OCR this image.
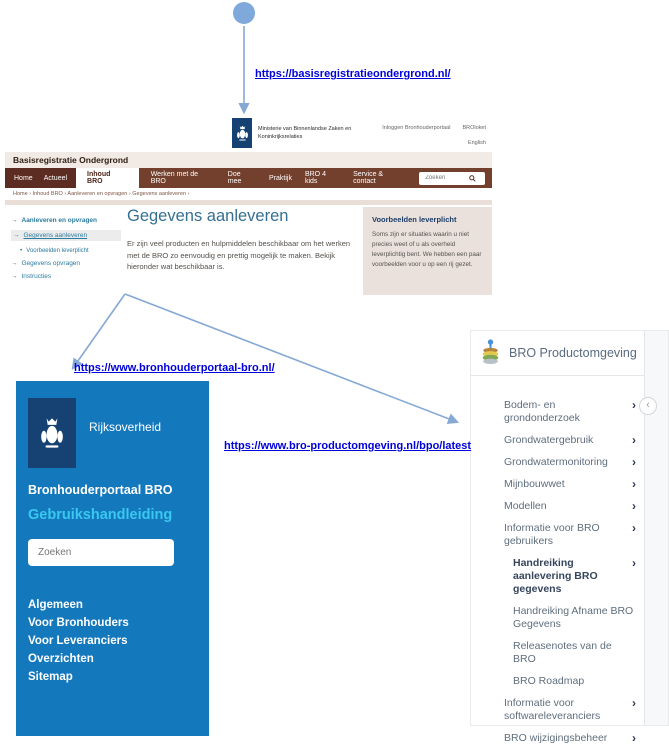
https://basisregistratieondergrond.nl/
https://www.bronhouderportaal-bro.nl/
https://www.bro-productomgeving.nl/bpo/latest
Ministerie van Binnenlandse Zaken en
Koninkrijksrelaties
Inloggen Bronhouderportaal BROloket
English
Basisregistratie Ondergrond
Home Actueel	Inhoud BRO
Werken met de BRO
Doe mee	Praktijk BRO 4 kids
Service & contact
Zoeken
Home › Inhoud BRO › Aanleveren en opvragen › Gegevens aanleveren ›
→ Aanleveren en opvragen
→ Gegevens aanleveren
• Voorbeelden leverplicht
→ Gegevens opvragen
→ Instructies
Gegevens aanleveren

Er zijn veel producten en hulpmiddelen beschikbaar om het werken met de BRO zo eenvoudig en prettig mogelijk te maken. Bekijk hieronder wat beschikbaar is.

Voorbeelden leverplicht

Soms zijn er situaties waarin u niet precies weet of u als overheid leverplichtig bent. We hebben een paar voorbeelden voor u op een rij gezet.

Rijksoverheid
Bronhouderportaal BRO
Gebruikshandleiding
Zoeken
Algemeen
Voor Bronhouders
Voor Leveranciers
Overzichten
Sitemap
‹
BRO Productomgeving
Bodem- en grondonderzoek
›
Grondwatergebruik	›
Grondwatermonitoring	›
Mijnbouwwet	›
Modellen	›
Informatie voor BRO gebruikers
›
Handreiking aanlevering BRO gegevens
›
Handreiking Afname BRO Gegevens
Releasenotes van de BRO
BRO Roadmap
Informatie voor softwareleveranciers
›
BRO wijzigingsbeheer	›
